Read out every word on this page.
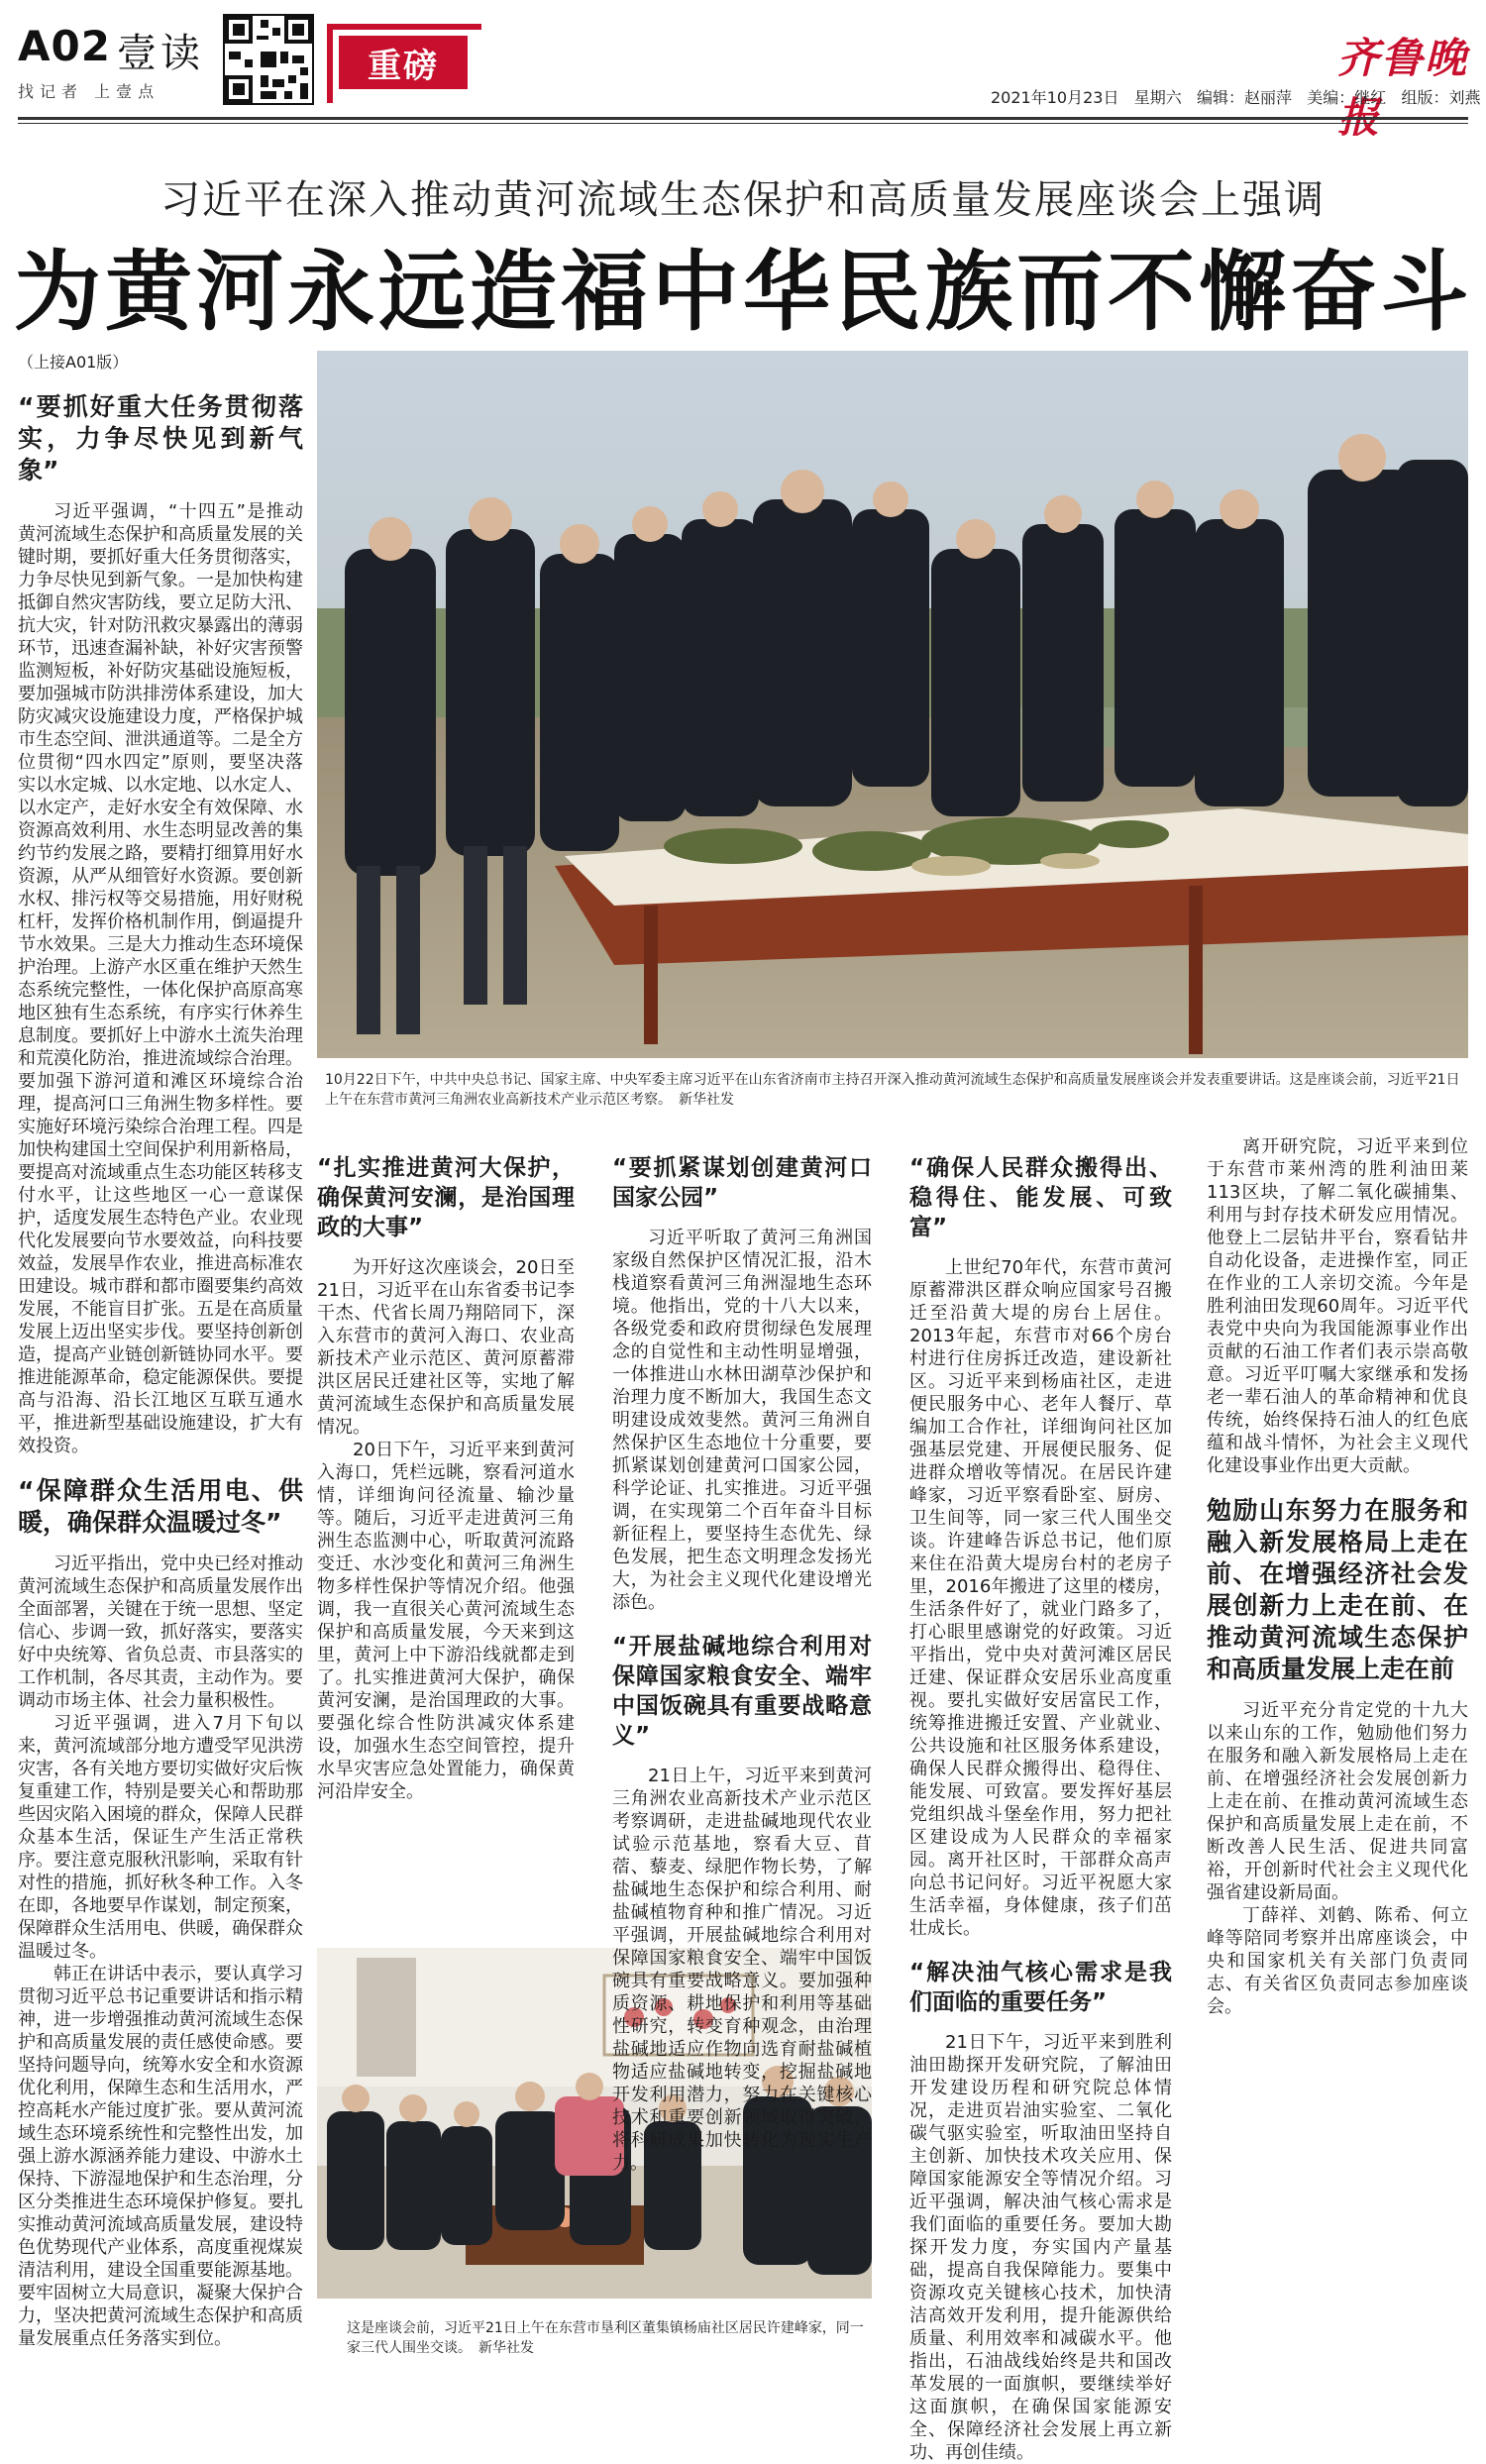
A02 壹读
找记者 上壹点
重磅	齐鲁晚
2021年10月23日   星期六   编辑：赵丽萍   美编：继红   组版：刘燕
习近平在深入推动黄河流域生态保护和高质量发展座谈会上强调
为黄河永远造福中华民族而不懈奋斗
10月22日下午，中共中央总书记、国家主席、中央军委主席习近平在山东省济南市主持召开深入推动黄河流域生态保护和高质量发展座谈会并发表重要讲话。这是座谈会前，习近平21日上午在东营市黄河三角洲农业高新技术产业示范区考察。　新华社发
这是座谈会前，习近平21日上午在东营市垦利区董集镇杨庙社区居民许建峰家，同一家三代人围坐交谈。　新华社发

（上接A01版）

“要抓好重大任务贯彻落实，力争尽快见到新气象”

习近平强调，“十四五”是推动黄河流域生态保护和高质量发展的关键时期，要抓好重大任务贯彻落实，力争尽快见到新气象。一是加快构建抵御自然灾害防线，要立足防大汛、抗大灾，针对防汛救灾暴露出的薄弱环节，迅速查漏补缺，补好灾害预警监测短板，补好防灾基础设施短板，要加强城市防洪排涝体系建设，加大防灾减灾设施建设力度，严格保护城市生态空间、泄洪通道等。二是全方位贯彻“四水四定”原则，要坚决落实以水定城、以水定地、以水定人、以水定产，走好水安全有效保障、水资源高效利用、水生态明显改善的集约节约发展之路，要精打细算用好水资源，从严从细管好水资源。要创新水权、排污权等交易措施，用好财税杠杆，发挥价格机制作用，倒逼提升节水效果。三是大力推动生态环境保护治理。上游产水区重在维护天然生态系统完整性，一体化保护高原高寒地区独有生态系统，有序实行休养生息制度。要抓好上中游水土流失治理和荒漠化防治，推进流域综合治理。要加强下游河道和滩区环境综合治理，提高河口三角洲生物多样性。要实施好环境污染综合治理工程。四是加快构建国土空间保护利用新格局，要提高对流域重点生态功能区转移支付水平，让这些地区一心一意谋保护，适度发展生态特色产业。农业现代化发展要向节水要效益，向科技要效益，发展旱作农业，推进高标准农田建设。城市群和都市圈要集约高效发展，不能盲目扩张。五是在高质量发展上迈出坚实步伐。要坚持创新创造，提高产业链创新链协同水平。要推进能源革命，稳定能源保供。要提高与沿海、沿长江地区互联互通水平，推进新型基础设施建设，扩大有效投资。

“保障群众生活用电、供暖，确保群众温暖过冬”

习近平指出，党中央已经对推动黄河流域生态保护和高质量发展作出全面部署，关键在于统一思想、坚定信心、步调一致，抓好落实，要落实好中央统筹、省负总责、市县落实的工作机制，各尽其责，主动作为。要调动市场主体、社会力量积极性。

习近平强调，进入7月下旬以来，黄河流域部分地方遭受罕见洪涝灾害，各有关地方要切实做好灾后恢复重建工作，特别是要关心和帮助那些因灾陷入困境的群众，保障人民群众基本生活，保证生产生活正常秩序。要注意克服秋汛影响，采取有针对性的措施，抓好秋冬种工作。入冬在即，各地要早作谋划，制定预案，保障群众生活用电、供暖，确保群众温暖过冬。

韩正在讲话中表示，要认真学习贯彻习近平总书记重要讲话和指示精神，进一步增强推动黄河流域生态保护和高质量发展的责任感使命感。要坚持问题导向，统筹水安全和水资源优化利用，保障生态和生活用水，严控高耗水产能过度扩张。要从黄河流域生态环境系统性和完整性出发，加强上游水源涵养能力建设、中游水土保持、下游湿地保护和生态治理，分区分类推进生态环境保护修复。要扎实推动黄河流域高质量发展，建设特色优势现代产业体系，高度重视煤炭清洁利用，建设全国重要能源基地。要牢固树立大局意识，凝聚大保护合力，坚决把黄河流域生态保护和高质量发展重点任务落实到位。

“扎实推进黄河大保护，确保黄河安澜，是治国理政的大事”

为开好这次座谈会，20日至21日，习近平在山东省委书记李干杰、代省长周乃翔陪同下，深入东营市的黄河入海口、农业高新技术产业示范区、黄河原蓄滞洪区居民迁建社区等，实地了解黄河流域生态保护和高质量发展情况。

20日下午，习近平来到黄河入海口，凭栏远眺，察看河道水情，详细询问径流量、输沙量等。随后，习近平走进黄河三角洲生态监测中心，听取黄河流路变迁、水沙变化和黄河三角洲生物多样性保护等情况介绍。他强调，我一直很关心黄河流域生态保护和高质量发展，今天来到这里，黄河上中下游沿线就都走到了。扎实推进黄河大保护，确保黄河安澜，是治国理政的大事。要强化综合性防洪减灾体系建设，加强水生态空间管控，提升水旱灾害应急处置能力，确保黄河沿岸安全。

“要抓紧谋划创建黄河口国家公园”

习近平听取了黄河三角洲国家级自然保护区情况汇报，沿木栈道察看黄河三角洲湿地生态环境。他指出，党的十八大以来，各级党委和政府贯彻绿色发展理念的自觉性和主动性明显增强，一体推进山水林田湖草沙保护和治理力度不断加大，我国生态文明建设成效斐然。黄河三角洲自然保护区生态地位十分重要，要抓紧谋划创建黄河口国家公园，科学论证、扎实推进。习近平强调，在实现第二个百年奋斗目标新征程上，要坚持生态优先、绿色发展，把生态文明理念发扬光大，为社会主义现代化建设增光添色。

“开展盐碱地综合利用对保障国家粮食安全、端牢中国饭碗具有重要战略意义”

21日上午，习近平来到黄河三角洲农业高新技术产业示范区考察调研，走进盐碱地现代农业试验示范基地，察看大豆、苜蓿、藜麦、绿肥作物长势，了解盐碱地生态保护和综合利用、耐盐碱植物育种和推广情况。习近平强调，开展盐碱地综合利用对保障国家粮食安全、端牢中国饭碗具有重要战略意义。要加强种质资源、耕地保护和利用等基础性研究，转变育种观念，由治理盐碱地适应作物向选育耐盐碱植物适应盐碱地转变，挖掘盐碱地开发利用潜力，努力在关键核心技术和重要创新领域取得突破，将科研成果加快转化为现实生产力。

“确保人民群众搬得出、稳得住、能发展、可致富”

上世纪70年代，东营市黄河原蓄滞洪区群众响应国家号召搬迁至沿黄大堤的房台上居住。2013年起，东营市对66个房台村进行住房拆迁改造，建设新社区。习近平来到杨庙社区，走进便民服务中心、老年人餐厅、草编加工合作社，详细询问社区加强基层党建、开展便民服务、促进群众增收等情况。在居民许建峰家，习近平察看卧室、厨房、卫生间等，同一家三代人围坐交谈。许建峰告诉总书记，他们原来住在沿黄大堤房台村的老房子里，2016年搬进了这里的楼房，生活条件好了，就业门路多了，打心眼里感谢党的好政策。习近平指出，党中央对黄河滩区居民迁建、保证群众安居乐业高度重视。要扎实做好安居富民工作，统筹推进搬迁安置、产业就业、公共设施和社区服务体系建设，确保人民群众搬得出、稳得住、能发展、可致富。要发挥好基层党组织战斗堡垒作用，努力把社区建设成为人民群众的幸福家园。离开社区时，干部群众高声向总书记问好。习近平祝愿大家生活幸福，身体健康，孩子们茁壮成长。

“解决油气核心需求是我们面临的重要任务”

21日下午，习近平来到胜利油田勘探开发研究院，了解油田开发建设历程和研究院总体情况，走进页岩油实验室、二氧化碳气驱实验室，听取油田坚持自主创新、加快技术攻关应用、保障国家能源安全等情况介绍。习近平强调，解决油气核心需求是我们面临的重要任务。要加大勘探开发力度，夯实国内产量基础，提高自我保障能力。要集中资源攻克关键核心技术，加快清洁高效开发利用，提升能源供给质量、利用效率和减碳水平。他指出，石油战线始终是共和国改革发展的一面旗帜，要继续举好这面旗帜，在确保国家能源安全、保障经济社会发展上再立新功、再创佳绩。

离开研究院，习近平来到位于东营市莱州湾的胜利油田莱113区块，了解二氧化碳捕集、利用与封存技术研发应用情况。他登上二层钻井平台，察看钻井自动化设备，走进操作室，同正在作业的工人亲切交流。今年是胜利油田发现60周年。习近平代表党中央向为我国能源事业作出贡献的石油工作者们表示崇高敬意。习近平叮嘱大家继承和发扬老一辈石油人的革命精神和优良传统，始终保持石油人的红色底蕴和战斗情怀，为社会主义现代化建设事业作出更大贡献。

勉励山东努力在服务和融入新发展格局上走在前、在增强经济社会发展创新力上走在前、在推动黄河流域生态保护和高质量发展上走在前

习近平充分肯定党的十九大以来山东的工作，勉励他们努力在服务和融入新发展格局上走在前、在增强经济社会发展创新力上走在前、在推动黄河流域生态保护和高质量发展上走在前，不断改善人民生活、促进共同富裕，开创新时代社会主义现代化强省建设新局面。

丁薛祥、刘鹤、陈希、何立峰等陪同考察并出席座谈会，中央和国家机关有关部门负责同志、有关省区负责同志参加座谈会。
